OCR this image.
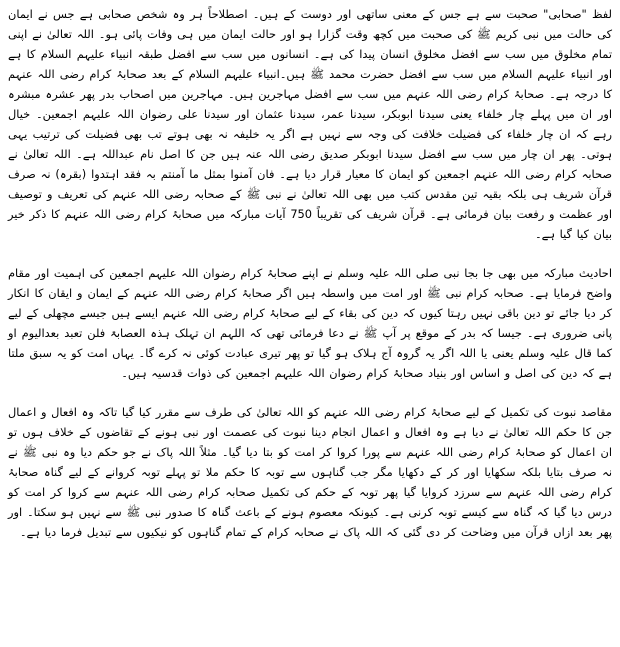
لفظ "صحابی" صحبت سے ہے جس کے معنی ساتھی اور دوست کے ہیں۔ اصطلاحاً ہر وہ شخص صحابی ہے جس نے ایمان کی حالت میں نبی کریم ﷺ کی صحبت میں کچھ وقت گزارا ہو اور حالت ایمان میں ہی وفات پائی ہو۔ اللہ تعالیٰ نے اپنی تمام مخلوق میں سب سے افضل مخلوق انسان پیدا کی ہے۔ انسانوں میں سب سے افضل طبقہ انبیاء علیہم السلام کا ہے اور انبیاء علیہم السلام میں سب سے افضل حضرت محمد ﷺ ہیں۔انبیاء علیہم السلام کے بعد صحابۂ کرام رضی اللہ عنہم کا درجہ ہے۔ صحابۂ کرام رضی اللہ عنہم میں سب سے افضل مہاجرین ہیں۔ مہاجرین میں اصحاب بدر پھر عشرہ مبشرہ اور ان میں پہلے چار خلفاء یعنی سیدنا ابوبکر، سیدنا عمر، سیدنا عثمان اور سیدنا علی رضوان اللہ علیہم اجمعین۔ خیال رہے کہ ان چار خلفاء کی فضیلت خلافت کی وجہ سے نہیں ہے اگر یہ خلیفہ نہ بھی ہوتے تب بھی فضیلت کی ترتیب یہی ہوتی۔ پھر ان چار میں سب سے افضل سیدنا ابوبکر صدیق رضی اللہ عنہ ہیں جن کا اصل نام عبداللہ ہے۔ اللہ تعالیٰ نے صحابہ کرام رضی اللہ عنہم اجمعین کو ایمان کا معیار قرار دیا ہے۔ فان آمنوا بمثل ما آمنتم بہ فقد اہتدوا (بقرہ) نہ صرف قرآن شریف ہی بلکہ بقیہ تین مقدس کتب میں بھی اللہ تعالیٰ نے نبی ﷺ کے صحابہ رضی اللہ عنہم کی تعریف و توصیف اور عظمت و رفعت بیان فرمائی ہے۔ قرآن شریف کی تقریباً 750 آیات مبارکہ میں صحابۂ کرام رضی اللہ عنہم کا ذکر خیر بیان کیا گیا ہے۔

احادیث مبارکہ میں بھی جا بجا نبی صلی اللہ علیہ وسلم نے اپنے صحابۂ کرام رضوان اللہ علیہم اجمعین کی اہمیت اور مقام واضح فرمایا ہے۔ صحابہ کرام نبی ﷺ اور امت میں واسطہ ہیں اگر صحابۂ کرام رضی اللہ عنہم کے ایمان و ایقان کا انکار کر دیا جائے تو دین باقی نہیں رہتا کیوں کہ دین کی بقاء کے لیے صحابۂ کرام رضی اللہ عنہم ایسے ہیں جیسے مچھلی کے لیے پانی ضروری ہے۔ جیسا کہ بدر کے موقع پر آپ ﷺ نے دعا فرمائی تھی کہ اللہم ان تہلک ہذہ العصابۃ فلن تعبد بعدالیوم او کما قال علیہ وسلم یعنی یا اللہ اگر یہ گروہ آج ہلاک ہو گیا تو پھر تیری عبادت کوئی نہ کرے گا۔ یہاں امت کو یہ سبق ملتا ہے کہ دین کی اصل و اساس اور بنیاد صحابۂ کرام رضوان اللہ علیہم اجمعین کی ذوات قدسیہ ہیں۔

مقاصد نبوت کی تکمیل کے لیے صحابۂ کرام رضی اللہ عنہم کو اللہ تعالیٰ کی طرف سے مقرر کیا گیا تاکہ وہ افعال و اعمال جن کا حکم اللہ تعالیٰ نے دیا ہے وہ افعال و اعمال انجام دینا نبوت کی عصمت اور نبی ہونے کے تقاضوں کے خلاف ہوں تو ان اعمال کو صحابۂ کرام رضی اللہ عنہم سے پورا کروا کر امت کو بتا دیا گیا۔ مثلاً اللہ پاک نے جو حکم دیا وہ نبی ﷺ نے نہ صرف بتایا بلکہ سکھایا اور کر کے دکھایا مگر جب گناہوں سے توبہ کا حکم ملا تو پہلے توبہ کروانے کے لیے گناہ صحابۂ کرام رضی اللہ عنہم سے سرزد کروایا گیا پھر توبہ کے حکم کی تکمیل صحابہ کرام رضی اللہ عنہم سے کروا کر امت کو درس دیا گیا کہ گناہ سے کیسے توبہ کرنی ہے۔ کیونکہ معصوم ہونے کے باعث گناہ کا صدور نبی ﷺ سے نہیں ہو سکتا۔ اور پھر بعد ازاں قرآن میں وضاحت کر دی گئی کہ اللہ پاک نے صحابہ کرام کے تمام گناہوں کو نیکیوں سے تبدیل فرما دیا ہے۔
